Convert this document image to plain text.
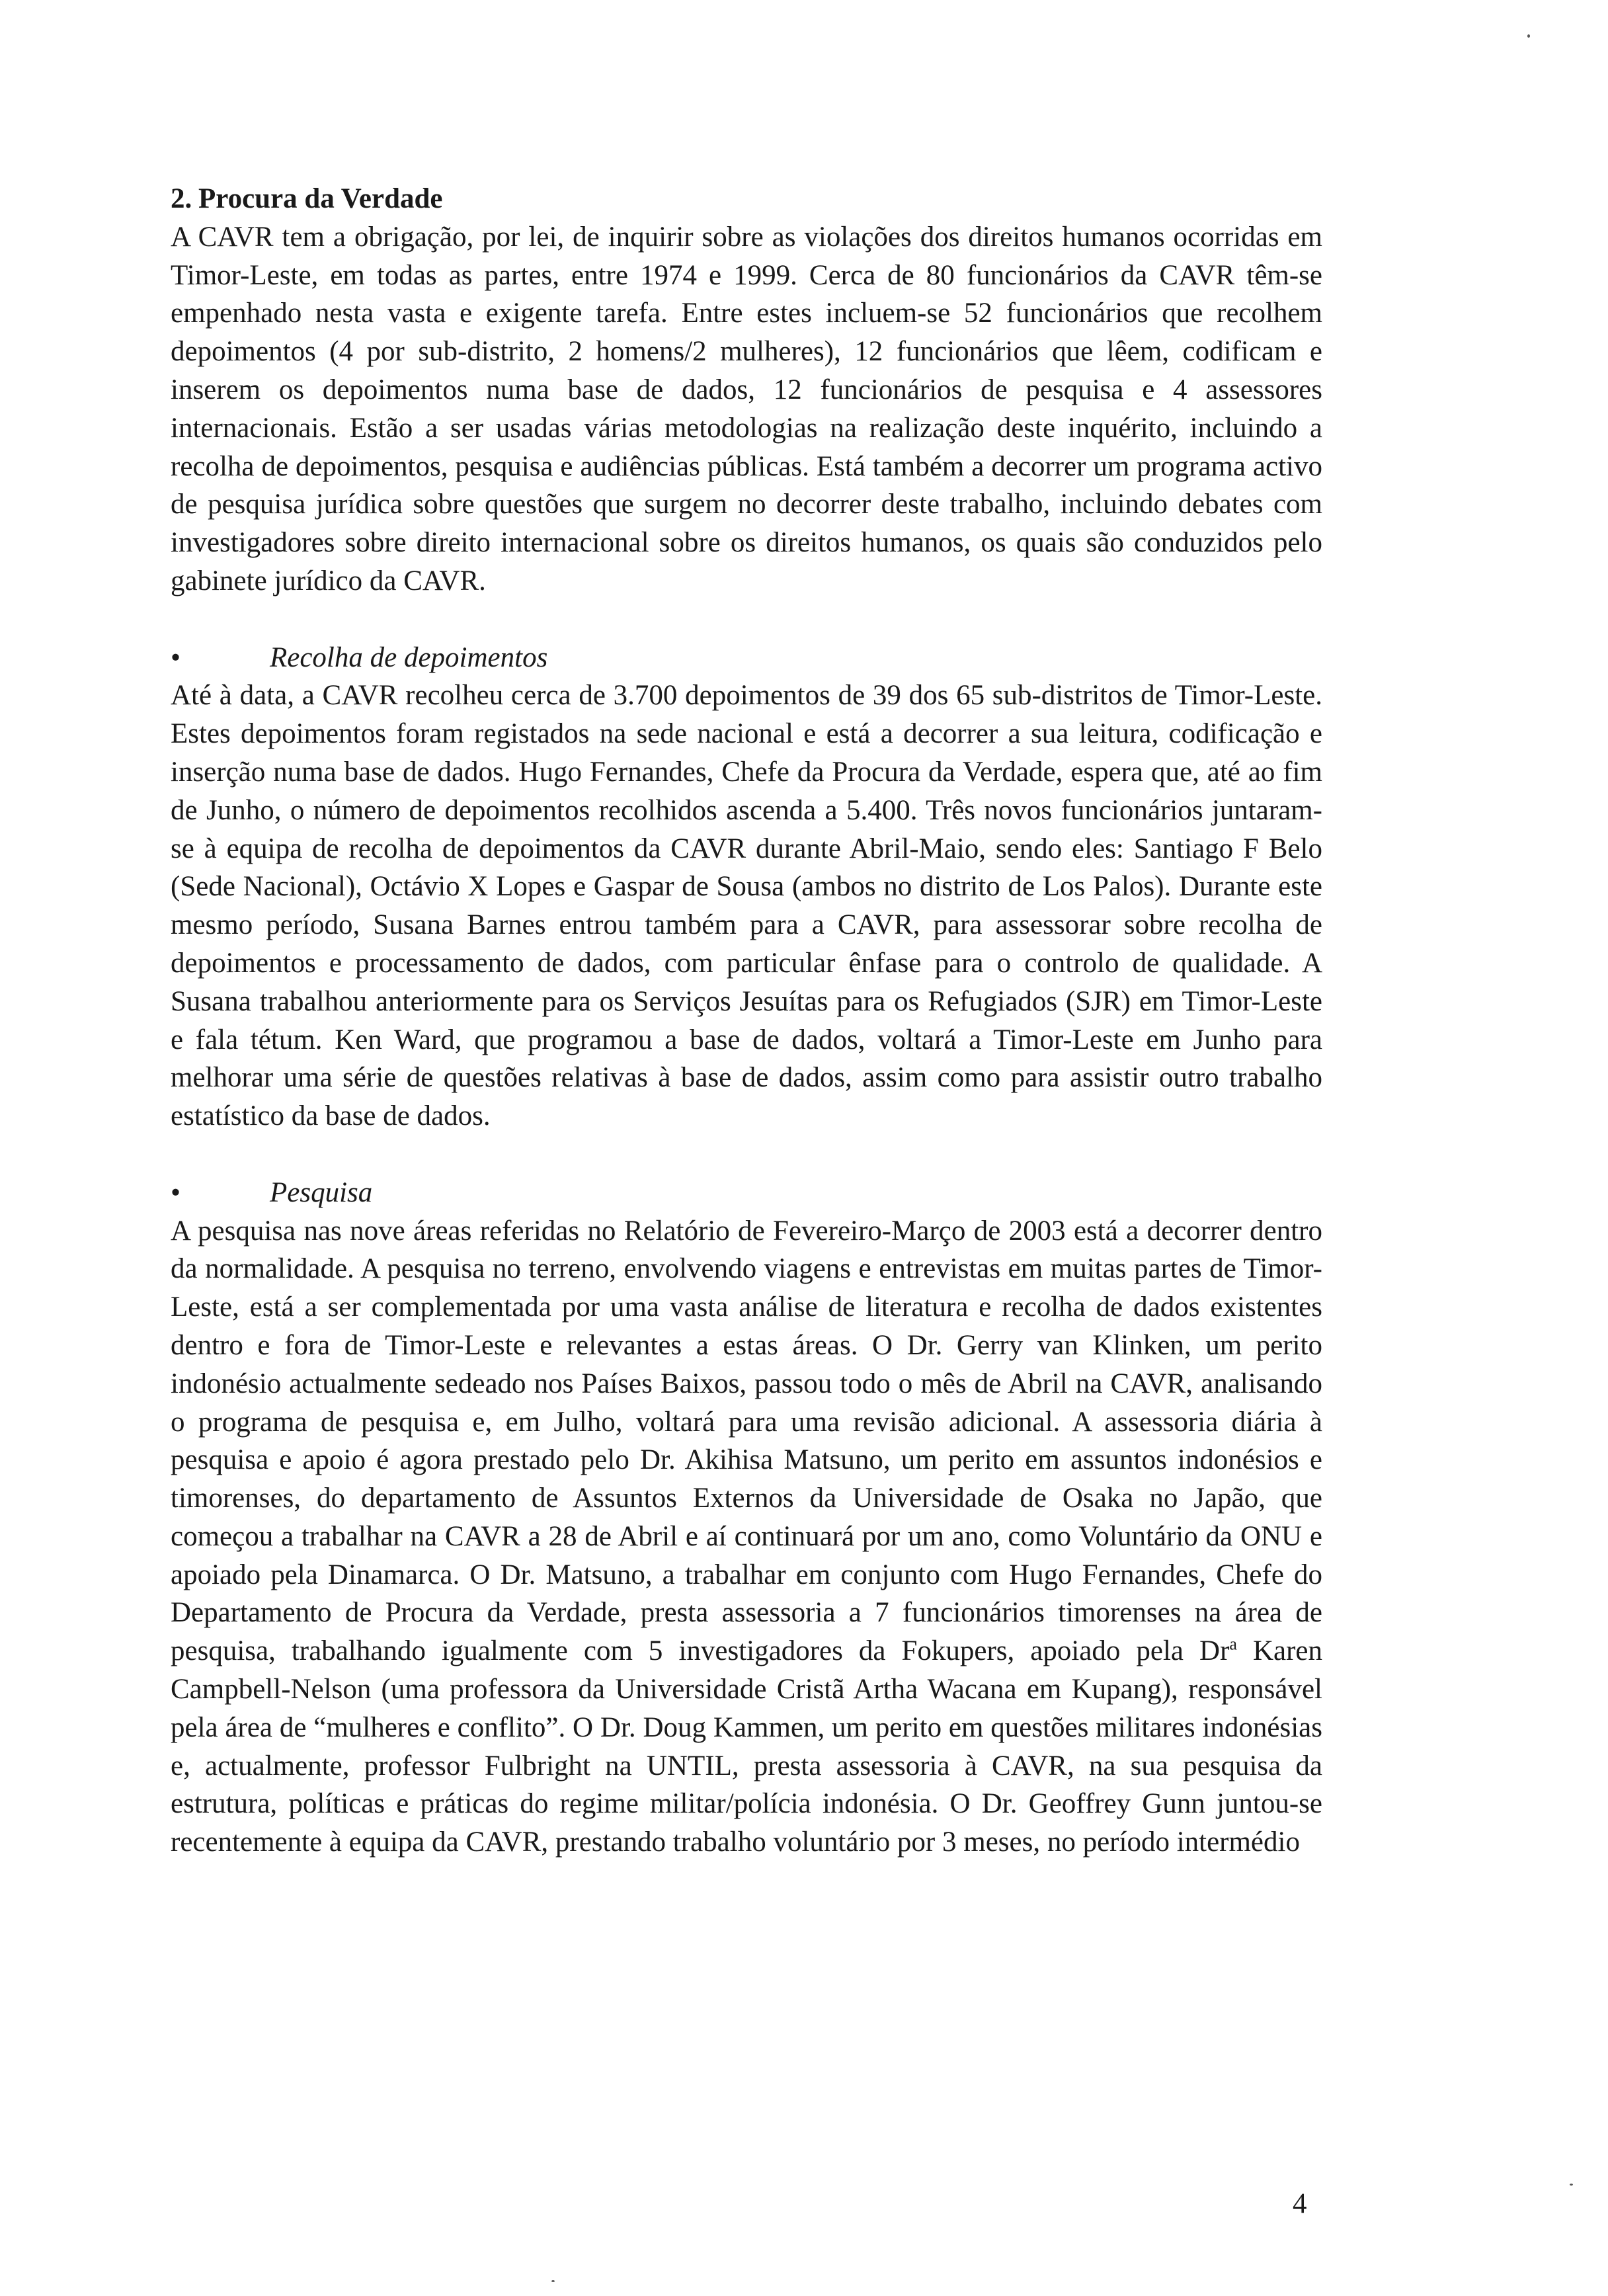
2. Procura da Verdade

A CAVR tem a obrigação, por lei, de inquirir sobre as violações dos direitos humanos ocorridas em Timor-Leste, em todas as partes, entre 1974 e 1999. Cerca de 80 funcionários da CAVR têm-se empenhado nesta vasta e exigente tarefa. Entre estes incluem-se 52 funcionários que recolhem depoimentos (4 por sub-distrito, 2 homens/2 mulheres), 12 funcionários que lêem, codificam e inserem os depoimentos numa base de dados, 12 funcionários de pesquisa e 4 assessores internacionais. Estão a ser usadas várias metodologias na realização deste inquérito, incluindo a recolha de depoimentos, pesquisa e audiências públicas. Está também a decorrer um programa activo de pesquisa jurídica sobre questões que surgem no decorrer deste trabalho, incluindo debates com investigadores sobre direito internacional sobre os direitos humanos, os quais são conduzidos pelo gabinete jurídico da CAVR.

•	Recolha de depoimentos

Até à data, a CAVR recolheu cerca de 3.700 depoimentos de 39 dos 65 sub-distritos de Timor-Leste. Estes depoimentos foram registados na sede nacional e está a decorrer a sua leitura, codificação e inserção numa base de dados. Hugo Fernandes, Chefe da Procura da Verdade, espera que, até ao fim de Junho, o número de depoimentos recolhidos ascenda a 5.400. Três novos funcionários juntaram-se à equipa de recolha de depoimentos da CAVR durante Abril-Maio, sendo eles: Santiago F Belo (Sede Nacional), Octávio X Lopes e Gaspar de Sousa (ambos no distrito de Los Palos). Durante este mesmo período, Susana Barnes entrou também para a CAVR, para assessorar sobre recolha de depoimentos e processamento de dados, com particular ênfase para o controlo de qualidade. A Susana trabalhou anteriormente para os Serviços Jesuítas para os Refugiados (SJR) em Timor-Leste e fala tétum. Ken Ward, que programou a base de dados, voltará a Timor-Leste em Junho para melhorar uma série de questões relativas à base de dados, assim como para assistir outro trabalho estatístico da base de dados.

•	Pesquisa

A pesquisa nas nove áreas referidas no Relatório de Fevereiro-Março de 2003 está a decorrer dentro da normalidade. A pesquisa no terreno, envolvendo viagens e entrevistas em muitas partes de Timor-Leste, está a ser complementada por uma vasta análise de literatura e recolha de dados existentes dentro e fora de Timor-Leste e relevantes a estas áreas. O Dr. Gerry van Klinken, um perito indonésio actualmente sedeado nos Países Baixos, passou todo o mês de Abril na CAVR, analisando o programa de pesquisa e, em Julho, voltará para uma revisão adicional. A assessoria diária à pesquisa e apoio é agora prestado pelo Dr. Akihisa Matsuno, um perito em assuntos indonésios e timorenses, do departamento de Assuntos Externos da Universidade de Osaka no Japão, que começou a trabalhar na CAVR a 28 de Abril e aí continuará por um ano, como Voluntário da ONU e apoiado pela Dinamarca. O Dr. Matsuno, a trabalhar em conjunto com Hugo Fernandes, Chefe do Departamento de Procura da Verdade, presta assessoria a 7 funcionários timorenses na área de pesquisa, trabalhando igualmente com 5 investigadores da Fokupers, apoiado pela Dr$^a$ Karen Campbell-Nelson (uma professora da Universidade Cristã Artha Wacana em Kupang), responsável pela área de “mulheres e conflito”. O Dr. Doug Kammen, um perito em questões militares indonésias e, actualmente, professor Fulbright na UNTIL, presta assessoria à CAVR, na sua pesquisa da estrutura, políticas e práticas do regime militar/polícia indonésia. O Dr. Geoffrey Gunn juntou-se recentemente à equipa da CAVR, prestando trabalho voluntário por 3 meses, no período intermédio

4
